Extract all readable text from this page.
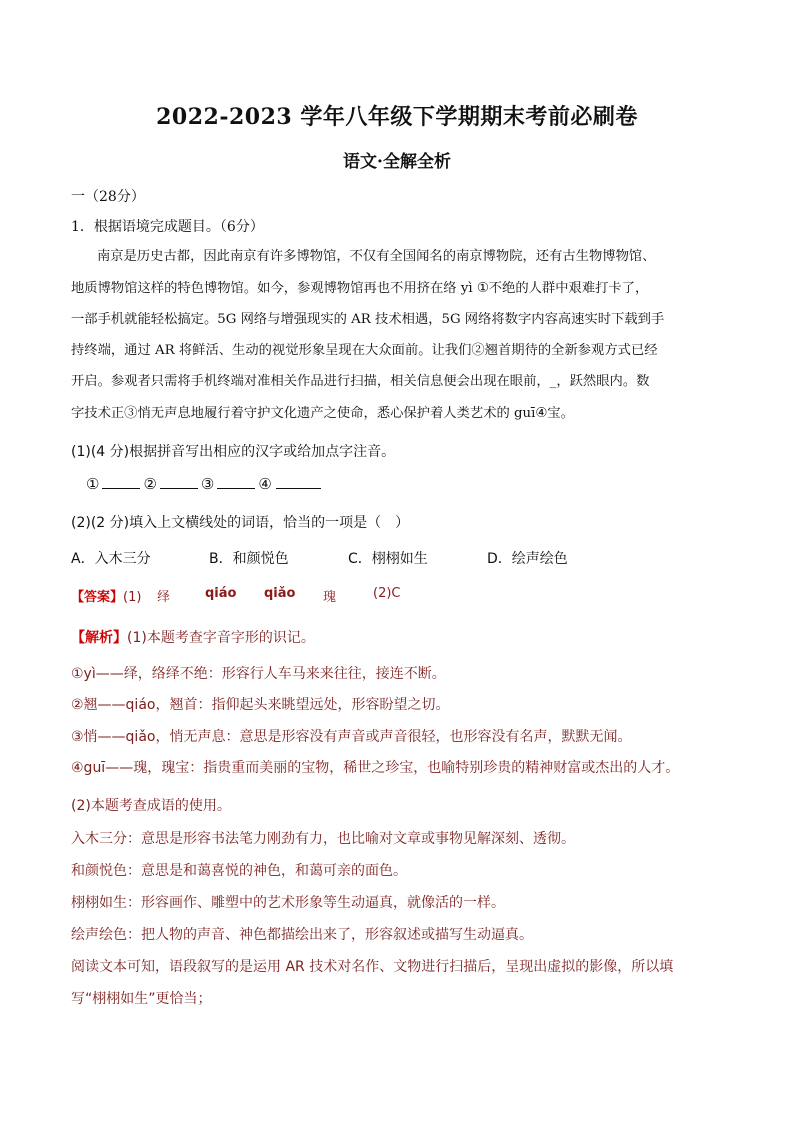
2022-2023 学年八年级下学期期末考前必刷卷
语文·全解全析
一（28分）
1．根据语境完成题目。（6分）
南京是历史古都，因此南京有许多博物馆，不仅有全国闻名的南京博物院，还有古生物博物馆、
地质博物馆这样的特色博物馆。如今，参观博物馆再也不用挤在络 yì ①不绝的人群中艰难打卡了，
一部手机就能轻松搞定。5G 网络与增强现实的 AR 技术相遇，5G 网络将数字内容高速实时下载到手
持终端，通过 AR 将鲜活、生动的视觉形象呈现在大众面前。让我们②翘首期待的全新参观方式已经
开启。参观者只需将手机终端对准相关作品进行扫描，相关信息便会出现在眼前，_，跃然眼内。数
字技术正③悄无声息地履行着守护文化遗产之使命，悉心保护着人类艺术的 guī④宝。
(1)(4 分)根据拼音写出相应的汉字或给加点字注音。
①	②	③	④
(2)(2 分)填入上文横线处的词语，恰当的一项是（　）
A．入木三分	B．和颜悦色	C．栩栩如生	D．绘声绘色
【答案】(1) 绎	qiáo qiǎo 瑰	(2)C
【解析】(1)本题考查字音字形的识记。
①yì——绎，络绎不绝：形容行人车马来来往往，接连不断。
②翘——qiáo，翘首：指仰起头来眺望远处，形容盼望之切。
③悄——qiǎo，悄无声息：意思是形容没有声音或声音很轻，也形容没有名声，默默无闻。
④guī——瑰，瑰宝：指贵重而美丽的宝物，稀世之珍宝，也喻特别珍贵的精神财富或杰出的人才。
(2)本题考查成语的使用。
入木三分：意思是形容书法笔力刚劲有力，也比喻对文章或事物见解深刻、透彻。
和颜悦色：意思是和蔼喜悦的神色，和蔼可亲的面色。
栩栩如生：形容画作、雕塑中的艺术形象等生动逼真，就像活的一样。
绘声绘色：把人物的声音、神色都描绘出来了，形容叙述或描写生动逼真。
阅读文本可知，语段叙写的是运用 AR 技术对名作、文物进行扫描后，呈现出虚拟的影像，所以填
写“栩栩如生”更恰当；
